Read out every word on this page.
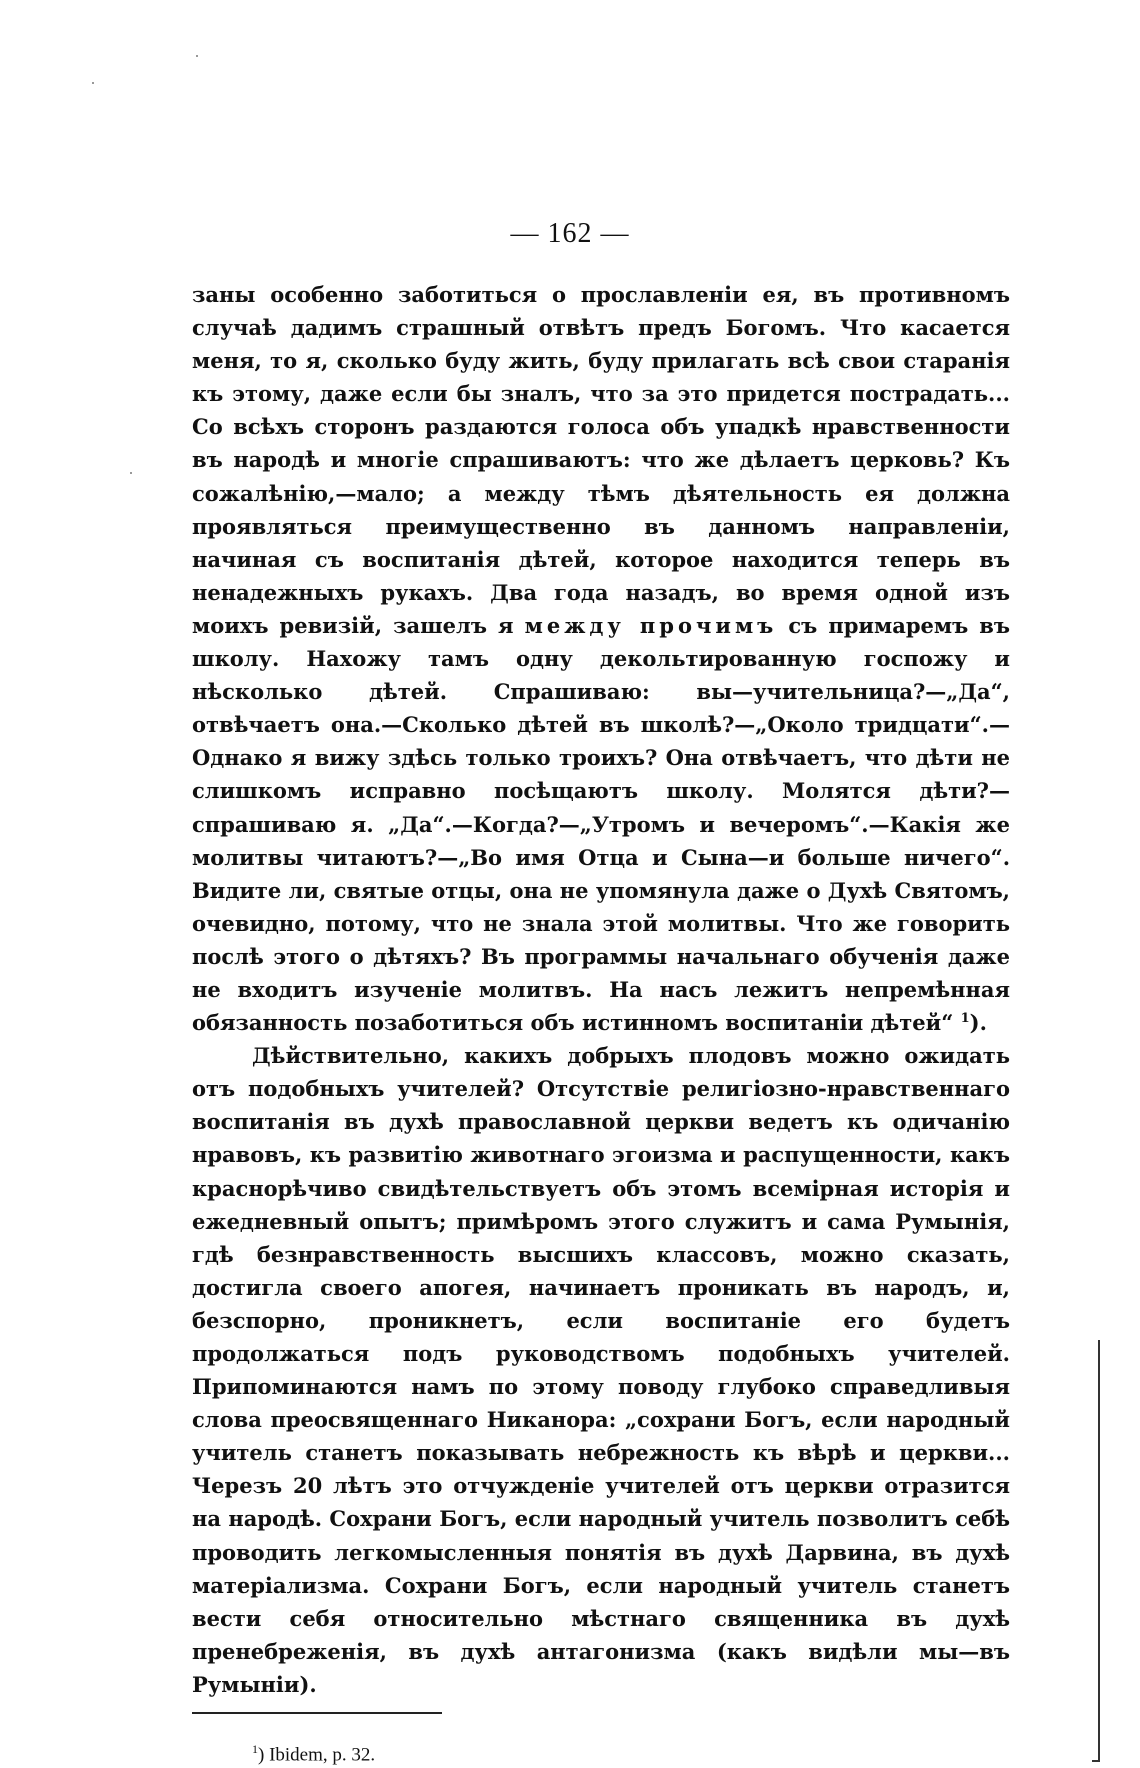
— 162 —

заны особенно заботиться о прославленіи ея, въ противномъ случаѣ дадимъ страшный отвѣтъ предъ Богомъ. Что касается меня, то я, сколько буду жить, буду прилагать всѣ свои старанія къ этому, даже если бы зналъ, что за это придется пострадать... Со всѣхъ сторонъ раздаются голоса объ упадкѣ нравственности въ народѣ и многіе спрашиваютъ: что же дѣлаетъ церковь? Къ сожалѣнію,—мало; а между тѣмъ дѣятельность ея должна проявляться преимущественно въ данномъ направленіи, начиная съ воспитанія дѣтей, которое находится теперь въ ненадежныхъ рукахъ. Два года назадъ, во время одной изъ моихъ ревизій, зашелъ я между прочимъ съ примаремъ въ школу. Нахожу тамъ одну декольтированную госпожу и нѣсколько дѣтей. Спрашиваю: вы—учительница?—„Да“, отвѣчаетъ она.—Сколько дѣтей въ школѣ?—„Около тридцати“.—Однако я вижу здѣсь только троихъ? Она отвѣчаетъ, что дѣти не слишкомъ исправно посѣщаютъ школу. Молятся дѣти?—спрашиваю я. „Да“.—Когда?—„Утромъ и вечеромъ“.—Какія же молитвы читаютъ?—„Во имя Отца и Сына—и больше ничего“. Видите ли, святые отцы, она не упомянула даже о Духѣ Святомъ, очевидно, потому, что не знала этой молитвы. Что же говорить послѣ этого о дѣтяхъ? Въ программы начальнаго обученія даже не входитъ изученіе молитвъ. На насъ лежитъ непремѣнная обязанность позаботиться объ истинномъ воспитаніи дѣтей“ $^1$).

Дѣйствительно, какихъ добрыхъ плодовъ можно ожидать отъ подобныхъ учителей? Отсутствіе религіозно-нравственнаго воспитанія въ духѣ православной церкви ведетъ къ одичанію нравовъ, къ развитію животнаго эгоизма и распущенности, какъ краснорѣчиво свидѣтельствуетъ объ этомъ всемірная исторія и ежедневный опытъ; примѣромъ этого служитъ и сама Румынія, гдѣ безнравственность высшихъ классовъ, можно сказать, достигла своего апогея, начинаетъ проникать въ народъ, и, безспорно, проникнетъ, если воспитаніе его будетъ продолжаться подъ руководствомъ подобныхъ учителей. Припоминаются намъ по этому поводу глубоко справедливыя слова преосвященнаго Никанора: „сохрани Богъ, если народный учитель станетъ показывать небрежность къ вѣрѣ и церкви... Черезъ 20 лѣтъ это отчужденіе учителей отъ церкви отразится на народѣ. Сохрани Богъ, если народный учитель позволитъ себѣ проводить легкомысленныя понятія въ духѣ Дарвина, въ духѣ матеріализма. Сохрани Богъ, если народный учитель станетъ вести себя относительно мѣстнаго священника въ духѣ пренебреженія, въ духѣ антагонизма (какъ видѣли мы—въ Румыніи).

$^1$) Ibidem, p. 32.
